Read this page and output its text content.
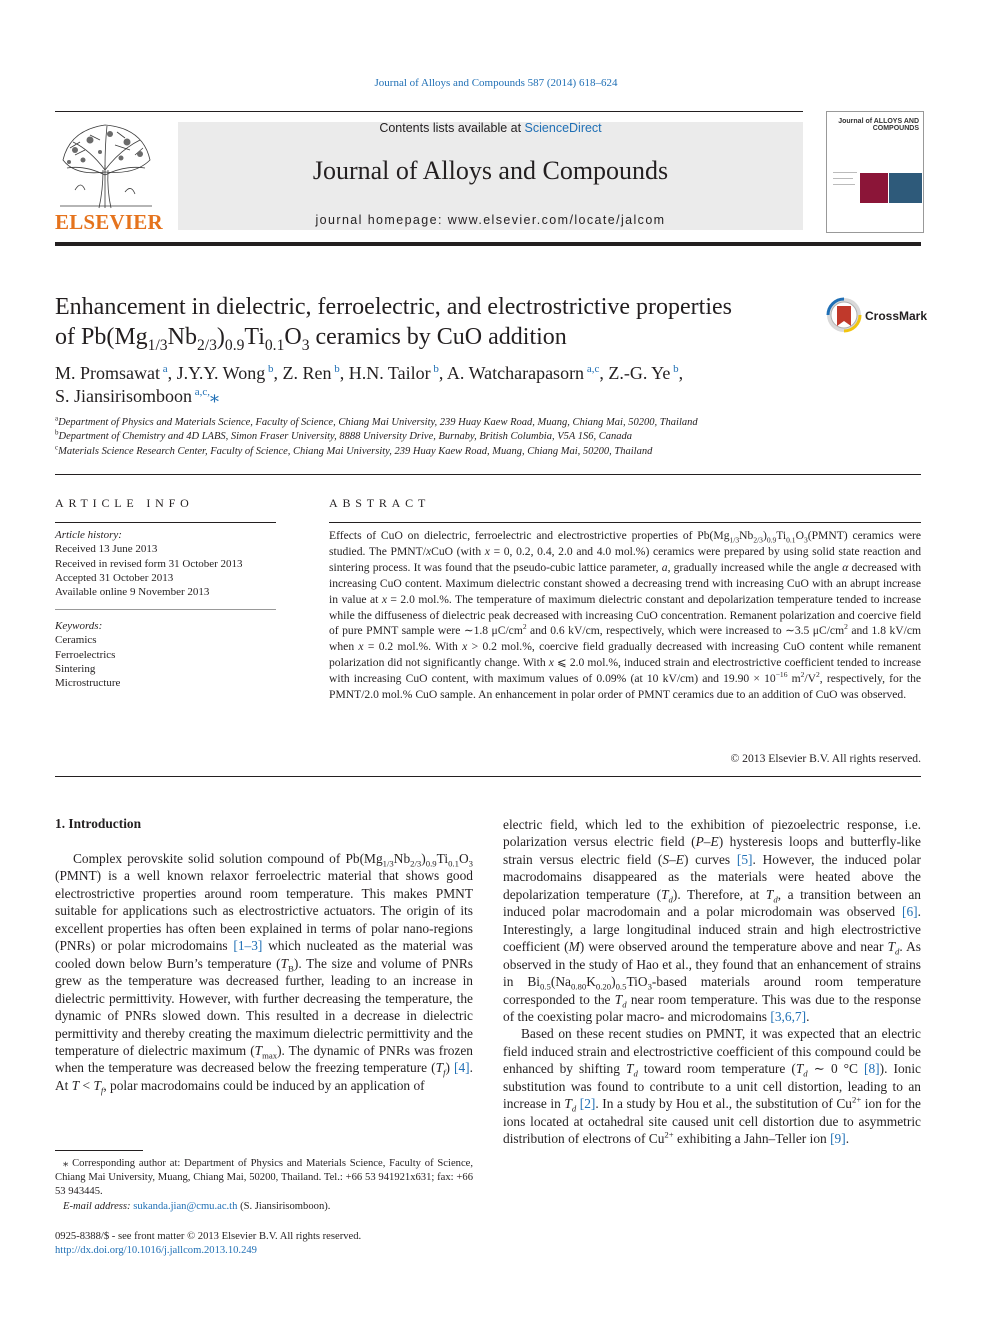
Journal of Alloys and Compounds 587 (2014) 618–624
ELSEVIER
Contents lists available at ScienceDirect
Journal of Alloys and Compounds
journal homepage: www.elsevier.com/locate/jalcom
Journal of ALLOYS AND COMPOUNDS
Enhancement in dielectric, ferroelectric, and electrostrictive properties
of $Pb(Mg_{1/3}Nb_{2/3})_{0.9}Ti_{0.1}O_3$ ceramics by CuO addition
CrossMark
M. Promsawat $^a$, J.Y.Y. Wong $^b$, Z. Ren $^b$, H.N. Tailor $^b$, A. Watcharapasorn $^{a,c}$, Z.-G. Ye $^b$,
S. Jiansirisomboon $^{a,c,}$⁎
$^a$Department of Physics and Materials Science, Faculty of Science, Chiang Mai University, 239 Huay Kaew Road, Muang, Chiang Mai, 50200, Thailand
$^b$Department of Chemistry and 4D LABS, Simon Fraser University, 8888 University Drive, Burnaby, British Columbia, V5A 1S6, Canada
$^c$Materials Science Research Center, Faculty of Science, Chiang Mai University, 239 Huay Kaew Road, Muang, Chiang Mai, 50200, Thailand
ARTICLE INFO
Article history:
Received 13 June 2013
Received in revised form 31 October 2013
Accepted 31 October 2013
Available online 9 November 2013
Keywords:
Ceramics
Ferroelectrics
Sintering
Microstructure
ABSTRACT
Effects of CuO on dielectric, ferroelectric and electrostrictive properties of $Pb(Mg_{1/3}Nb_{2/3})_{0.9}Ti_{0.1}O_3(PMNT)$ ceramics were studied. The PMNT/xCuO (with x = 0, 0.2, 0.4, 2.0 and 4.0 mol.%) ceramics were prepared by using solid state reaction and sintering process. It was found that the pseudo-cubic lattice parameter, a, gradually increased while the angle α decreased with increasing CuO content. Maximum dielectric constant showed a decreasing trend with increasing CuO with an abrupt increase in value at x = 2.0 mol.%. The temperature of maximum dielectric constant and depolarization temperature tended to increase while the diffuseness of dielectric peak decreased with increasing CuO concentration. Remanent polarization and coercive field of pure PMNT sample were ∼1.8 $\mu C/cm^2$ and 0.6 kV/cm, respectively, which were increased to ∼3.5 $\mu C/cm^2$ and 1.8 kV/cm when x = 0.2 mol.%. With x > 0.2 mol.%, coercive field gradually decreased with increasing CuO content while remanent polarization did not significantly change. With x ⩽ 2.0 mol.%, induced strain and electrostrictive coefficient tended to increase with increasing CuO content, with maximum values of 0.09% (at 10 kV/cm) and $19.90 \times 10^{-16}$ $m^2/V^2$, respectively, for the PMNT/2.0 mol.% CuO sample. An enhancement in polar order of PMNT ceramics due to an addition of CuO was observed.
© 2013 Elsevier B.V. All rights reserved.
1. Introduction

Complex perovskite solid solution compound of $Pb(Mg_{1/3}Nb_{2/3})_{0.9}Ti_{0.1}O_3$ (PMNT) is a well known relaxor ferroelectric material that shows good electrostrictive properties around room temperature. This makes PMNT suitable for applications such as electrostrictive actuators. The origin of its excellent properties has often been explained in terms of polar nano-regions (PNRs) or polar microdomains [1–3] which nucleated as the material was cooled down below Burn’s temperature $(T_B)$. The size and volume of PNRs grew as the temperature was decreased further, leading to an increase in dielectric permittivity. However, with further decreasing the temperature, the dynamic of PNRs slowed down. This resulted in a decrease in dielectric permittivity and thereby creating the maximum dielectric permittivity and the temperature of dielectric maximum $(T_{max})$. The dynamic of PNRs was frozen when the temperature was decreased below the freezing temperature $(T_f)$ [4]. At $T < T_f$, polar macrodomains could be induced by an application of

electric field, which led to the exhibition of piezoelectric response, i.e. polarization versus electric field (P–E) hysteresis loops and butterfly-like strain versus electric field (S–E) curves [5]. However, the induced polar macrodomains disappeared as the materials were heated above the depolarization temperature $(T_d)$. Therefore, at $T_d$, a transition between an induced polar macrodomain and a polar microdomain was observed [6]. Interestingly, a large longitudinal induced strain and high electrostrictive coefficient (M) were observed around the temperature above and near $T_d$. As observed in the study of Hao et al., they found that an enhancement of strains in $Bi_{0.5}(Na_{0.80}K_{0.20})_{0.5}TiO_3$-based materials around room temperature corresponded to the $T_d$ near room temperature. This was due to the response of the coexisting polar macro- and microdomains [3,6,7].

Based on these recent studies on PMNT, it was expected that an electric field induced strain and electrostrictive coefficient of this compound could be enhanced by shifting $T_d$ toward room temperature ($T_d$ ∼ 0 °C [8]). Ionic substitution was found to contribute to a unit cell distortion, leading to an increase in $T_d$ [2]. In a study by Hou et al., the substitution of $Cu^{2+}$ ion for the ions located at octahedral site caused unit cell distortion due to asymmetric distribution of electrons of $Cu^{2+}$ exhibiting a Jahn–Teller ion [9].

⁎ Corresponding author at: Department of Physics and Materials Science, Faculty of Science, Chiang Mai University, Muang, Chiang Mai, 50200, Thailand. Tel.: +66 53 941921x631; fax: +66 53 943445.
E-mail address: sukanda.jian@cmu.ac.th (S. Jiansirisomboon).
0925-8388/$ - see front matter © 2013 Elsevier B.V. All rights reserved.
http://dx.doi.org/10.1016/j.jallcom.2013.10.249
